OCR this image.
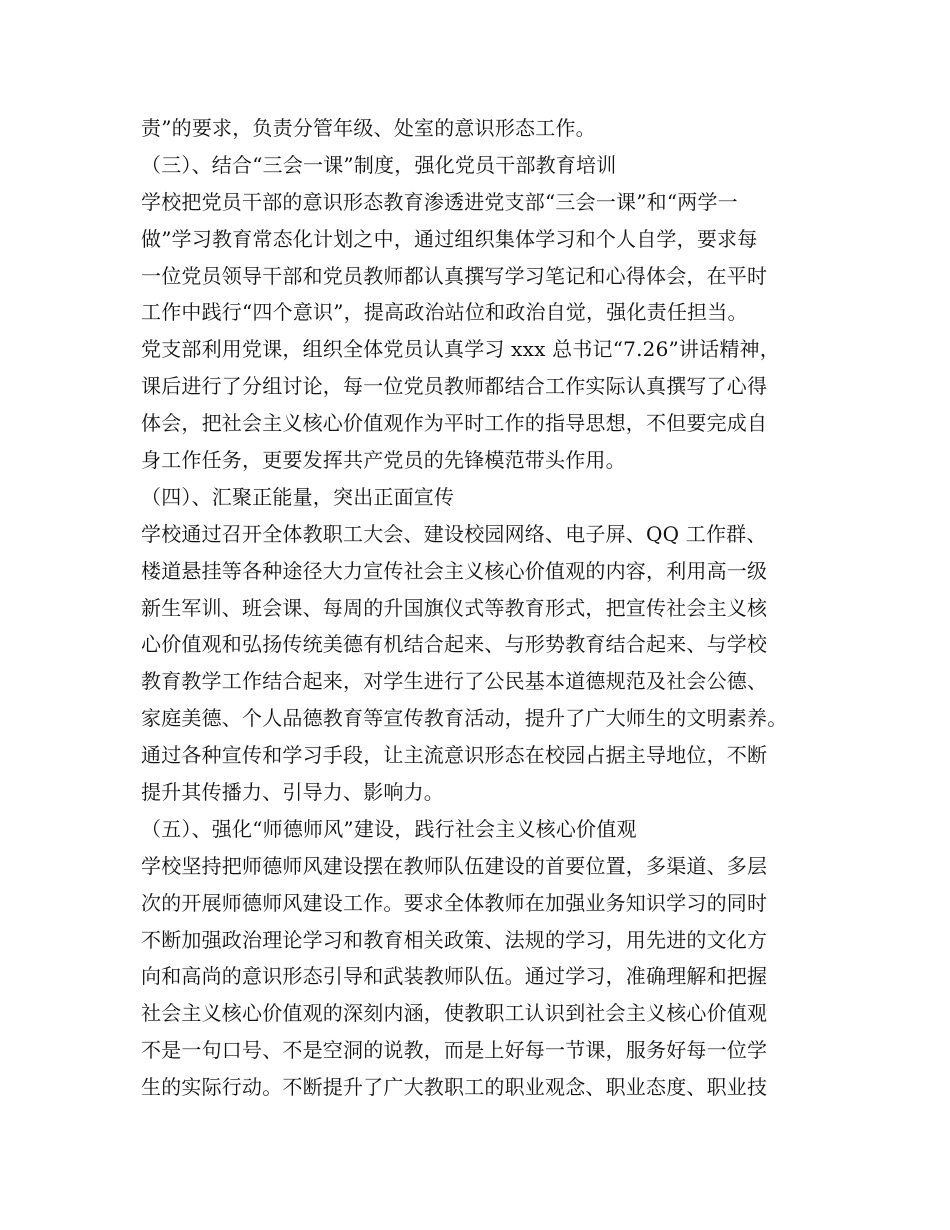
责”的要求，负责分管年级、处室的意识形态工作。
（三）、结合“三会一课”制度，强化党员干部教育培训
学校把党员干部的意识形态教育渗透进党支部“三会一课”和“两学一
做”学习教育常态化计划之中，通过组织集体学习和个人自学，要求每
一位党员领导干部和党员教师都认真撰写学习笔记和心得体会，在平时
工作中践行“四个意识”，提高政治站位和政治自觉，强化责任担当。
党支部利用党课，组织全体党员认真学习 xxx 总书记“7.26”讲话精神，
课后进行了分组讨论，每一位党员教师都结合工作实际认真撰写了心得
体会，把社会主义核心价值观作为平时工作的指导思想，不但要完成自
身工作任务，更要发挥共产党员的先锋模范带头作用。
（四）、汇聚正能量，突出正面宣传
学校通过召开全体教职工大会、建设校园网络、电子屏、QQ 工作群、
楼道悬挂等各种途径大力宣传社会主义核心价值观的内容，利用高一级
新生军训、班会课、每周的升国旗仪式等教育形式，把宣传社会主义核
心价值观和弘扬传统美德有机结合起来、与形势教育结合起来、与学校
教育教学工作结合起来，对学生进行了公民基本道德规范及社会公德、
家庭美德、个人品德教育等宣传教育活动，提升了广大师生的文明素养。
通过各种宣传和学习手段，让主流意识形态在校园占据主导地位，不断
提升其传播力、引导力、影响力。
（五）、强化“师德师风”建设，践行社会主义核心价值观
学校坚持把师德师风建设摆在教师队伍建设的首要位置，多渠道、多层
次的开展师德师风建设工作。要求全体教师在加强业务知识学习的同时
不断加强政治理论学习和教育相关政策、法规的学习，用先进的文化方
向和高尚的意识形态引导和武装教师队伍。通过学习，准确理解和把握
社会主义核心价值观的深刻内涵，使教职工认识到社会主义核心价值观
不是一句口号、不是空洞的说教，而是上好每一节课，服务好每一位学
生的实际行动。不断提升了广大教职工的职业观念、职业态度、职业技
